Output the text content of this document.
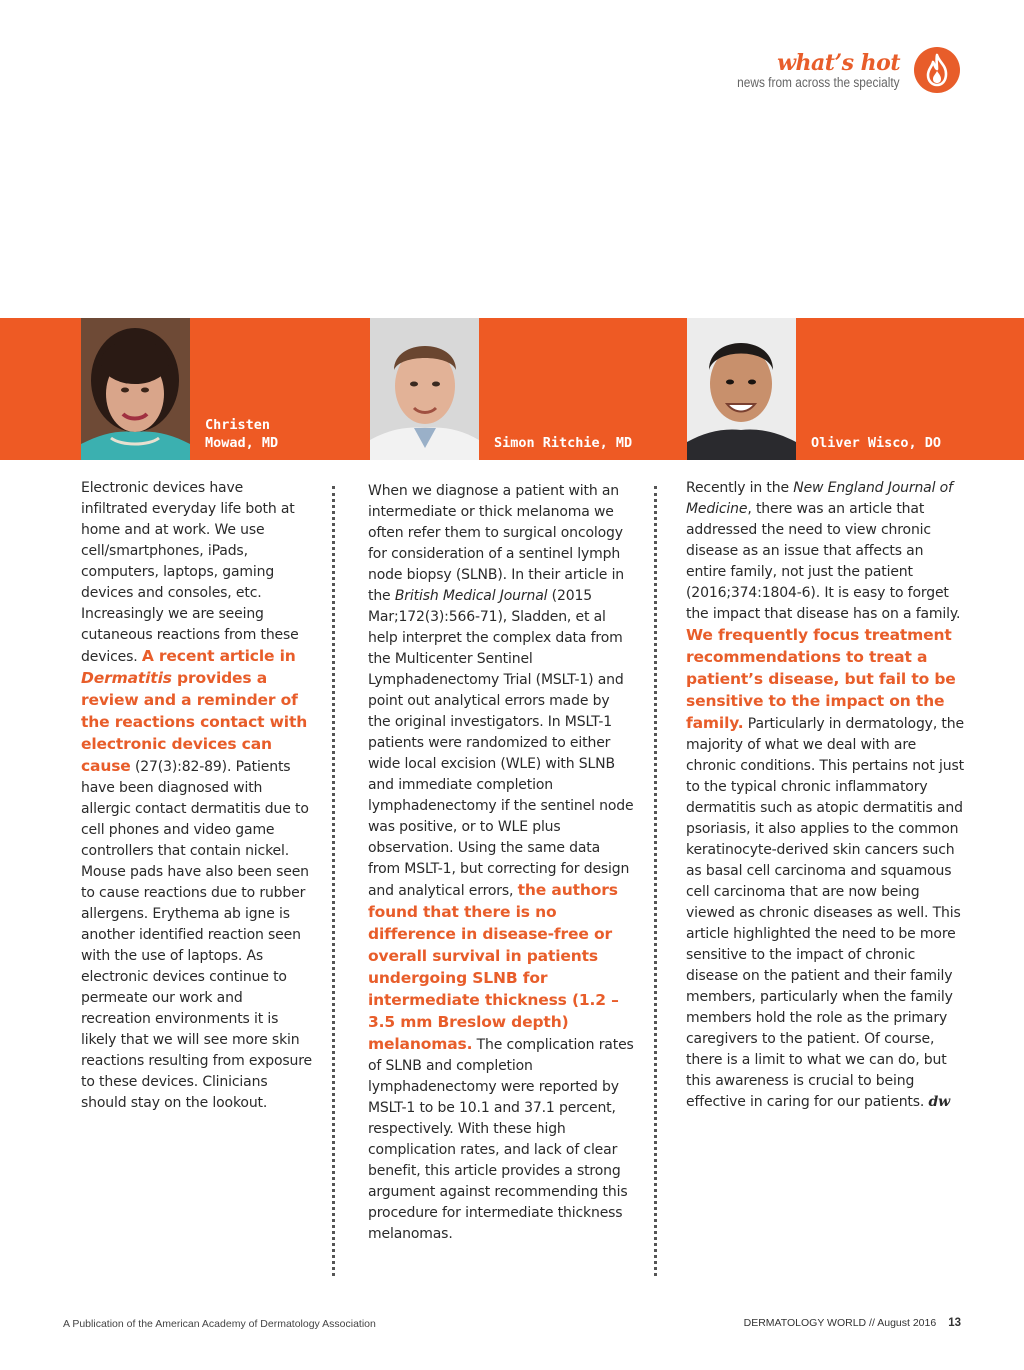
what’s hot
news from across the specialty
Christen Mowad, MD	Simon Ritchie, MD	Oliver Wisco, DO

Electronic devices have infiltrated everyday life both at home and at work. We use cell/smartphones, iPads, computers, laptops, gaming devices and consoles, etc. Increasingly we are seeing cutaneous reactions from these devices. A recent article in Dermatitis provides a review and a reminder of the reactions contact with electronic devices can cause (27(3):82-89). Patients have been diagnosed with allergic contact dermatitis due to cell phones and video game controllers that contain nickel. Mouse pads have also been seen to cause reactions due to rubber allergens. Erythema ab igne is another identified reaction seen with the use of laptops. As electronic devices continue to permeate our work and recreation environments it is likely that we will see more skin reactions resulting from exposure to these devices. Clinicians should stay on the lookout.

When we diagnose a patient with an intermediate or thick melanoma we often refer them to surgical oncology for consideration of a sentinel lymph node biopsy (SLNB). In their article in the British Medical Journal (2015 Mar;172(3):566-71), Sladden, et al help interpret the complex data from the Multicenter Sentinel Lymphadenectomy Trial (MSLT-1) and point out analytical errors made by the original investigators. In MSLT-1 patients were randomized to either wide local excision (WLE) with SLNB and immediate completion lymphadenectomy if the sentinel node was positive, or to WLE plus observation. Using the same data from MSLT-1, but correcting for design and analytical errors, the authors found that there is no difference in disease-free or overall survival in patients undergoing SLNB for intermediate thickness (1.2 – 3.5 mm Breslow depth) melanomas. The complication rates of SLNB and completion lymphadenectomy were reported by MSLT-1 to be 10.1 and 37.1 percent, respectively. With these high complication rates, and lack of clear benefit, this article provides a strong argument against recommending this procedure for intermediate thickness melanomas.

Recently in the New England Journal of Medicine, there was an article that addressed the need to view chronic disease as an issue that affects an entire family, not just the patient (2016;374:1804-6). It is easy to forget the impact that disease has on a family. We frequently focus treatment recommendations to treat a patient’s disease, but fail to be sensitive to the impact on the family. Particularly in dermatology, the majority of what we deal with are chronic conditions. This pertains not just to the typical chronic inflammatory dermatitis such as atopic dermatitis and psoriasis, it also applies to the common keratinocyte-derived skin cancers such as basal cell carcinoma and squamous cell carcinoma that are now being viewed as chronic diseases as well. This article highlighted the need to be more sensitive to the impact of chronic disease on the patient and their family members, particularly when the family members hold the role as the primary caregivers to the patient. Of course, there is a limit to what we can do, but this awareness is crucial to being effective in caring for our patients. dw

A Publication of the American Academy of Dermatology Association	DERMATOLOGY WORLD // August 2016 13
